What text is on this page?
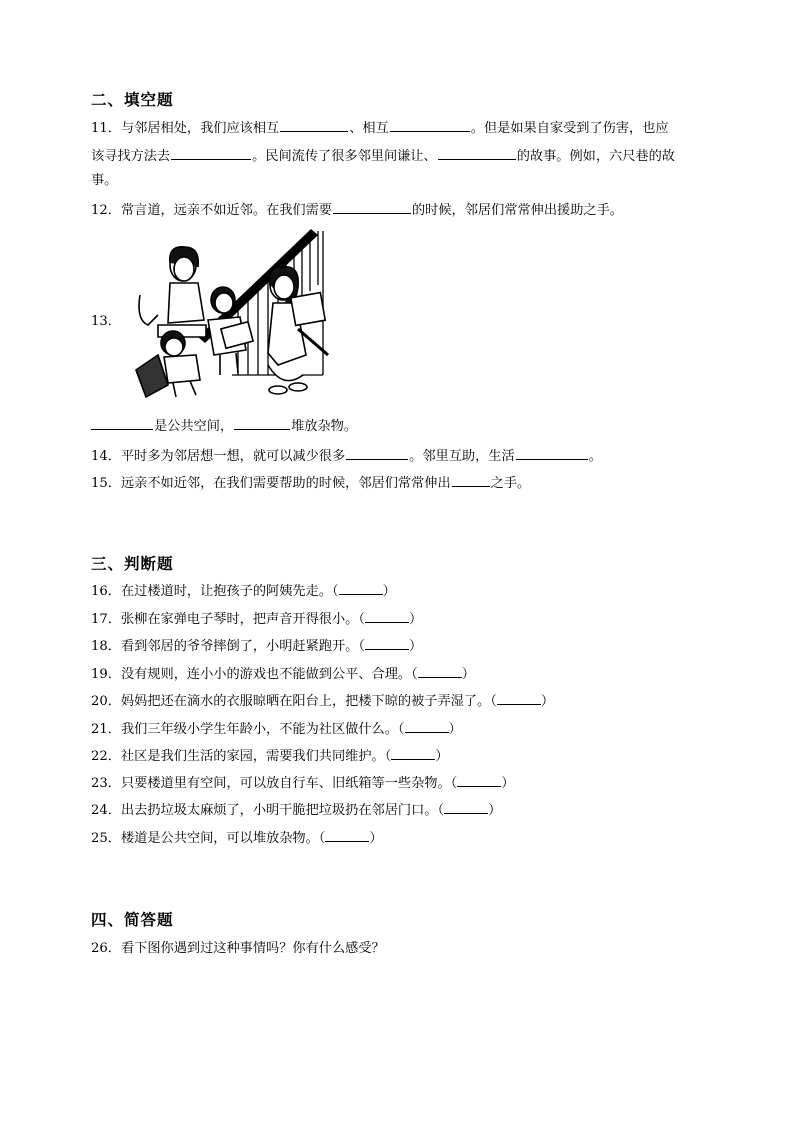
二、填空题
11．与邻居相处，我们应该相互	、相互	。但是如果自家受到了伤害，也应
该寻找方法去	。民间流传了很多邻里间谦让、	的故事。例如，六尺巷的故
事。
12．常言道，远亲不如近邻。在我们需要	的时候，邻居们常常伸出援助之手。
13．
是公共空间，	堆放杂物。
14．平时多为邻居想一想，就可以减少很多	。邻里互助，生活	。
15．远亲不如近邻，在我们需要帮助的时候，邻居们常常伸出	之手。
三、判断题
16．在过楼道时，让抱孩子的阿姨先走。（	）
17．张柳在家弹电子琴时，把声音开得很小。（	）
18．看到邻居的爷爷摔倒了，小明赶紧跑开。（	）
19．没有规则，连小小的游戏也不能做到公平、合理。（	）
20．妈妈把还在滴水的衣服晾晒在阳台上，把楼下晾的被子弄湿了。（	）
21．我们三年级小学生年龄小，不能为社区做什么。（	）
22．社区是我们生活的家园，需要我们共同维护。（	）
23．只要楼道里有空间，可以放自行车、旧纸箱等一些杂物。（	）
24．出去扔垃圾太麻烦了，小明干脆把垃圾扔在邻居门口。（	）
25．楼道是公共空间，可以堆放杂物。（	）
四、简答题
26．看下图你遇到过这种事情吗？你有什么感受？
